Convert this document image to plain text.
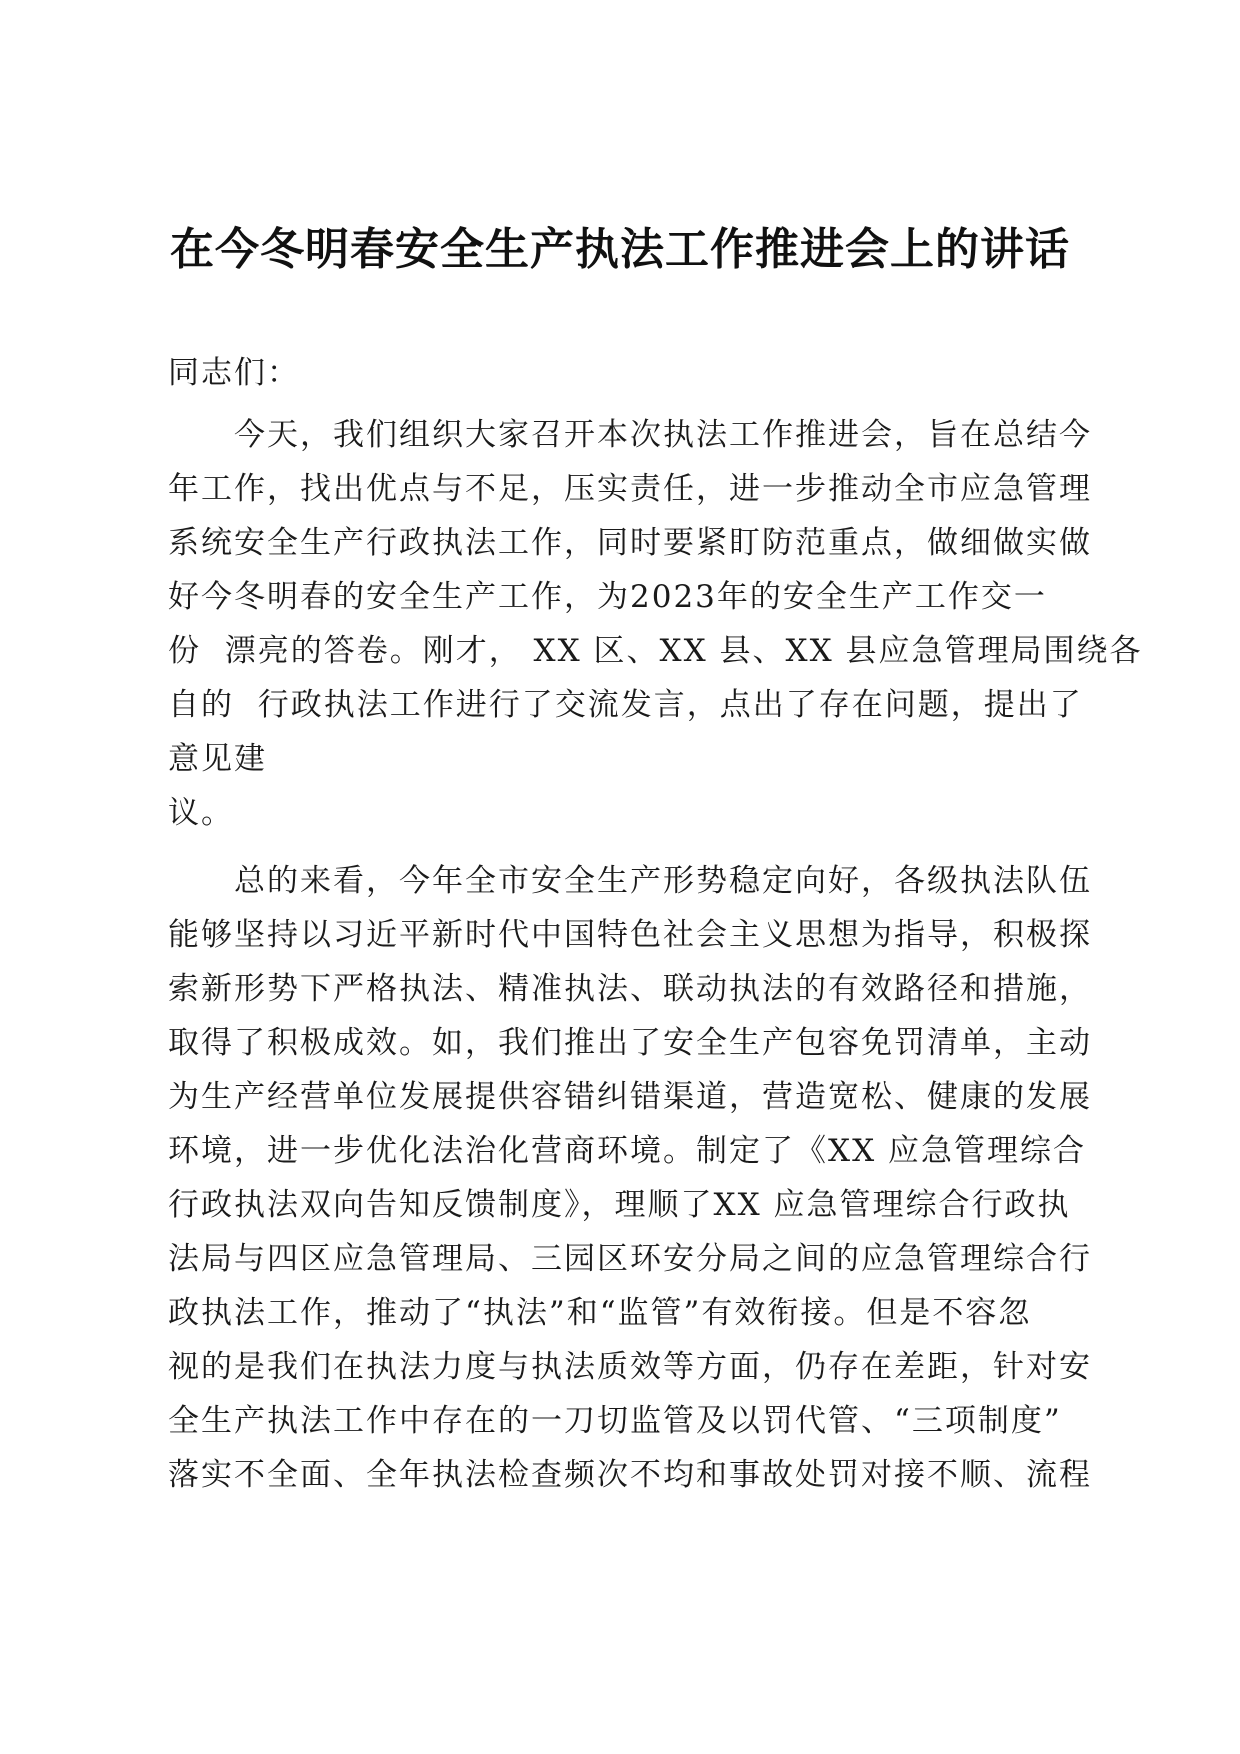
在今冬明春安全生产执法工作推进会上的讲话
同志们：
今天，我们组织大家召开本次执法工作推进会，旨在总结今
年工作，找出优点与不足，压实责任，进一步推动全市应急管理
系统安全生产行政执法工作，同时要紧盯防范重点，做细做实做
好今冬明春的安全生产工作，为2023年的安全生产工作交一
份  漂亮的答卷。刚才， XX 区、XX 县、XX 县应急管理局围绕各
自的  行政执法工作进行了交流发言，点出了存在问题，提出了
意见建
议。
总的来看，今年全市安全生产形势稳定向好，各级执法队伍
能够坚持以习近平新时代中国特色社会主义思想为指导，积极探
索新形势下严格执法、精准执法、联动执法的有效路径和措施，
取得了积极成效。如，我们推出了安全生产包容免罚清单，主动
为生产经营单位发展提供容错纠错渠道，营造宽松、健康的发展
环境，进一步优化法治化营商环境。制定了《XX 应急管理综合
行政执法双向告知反馈制度》，理顺了XX 应急管理综合行政执
法局与四区应急管理局、三园区环安分局之间的应急管理综合行
政执法工作，推动了“执法”和“监管”有效衔接。但是不容忽
视的是我们在执法力度与执法质效等方面，仍存在差距，针对安
全生产执法工作中存在的一刀切监管及以罚代管、“三项制度”
落实不全面、全年执法检查频次不均和事故处罚对接不顺、流程
